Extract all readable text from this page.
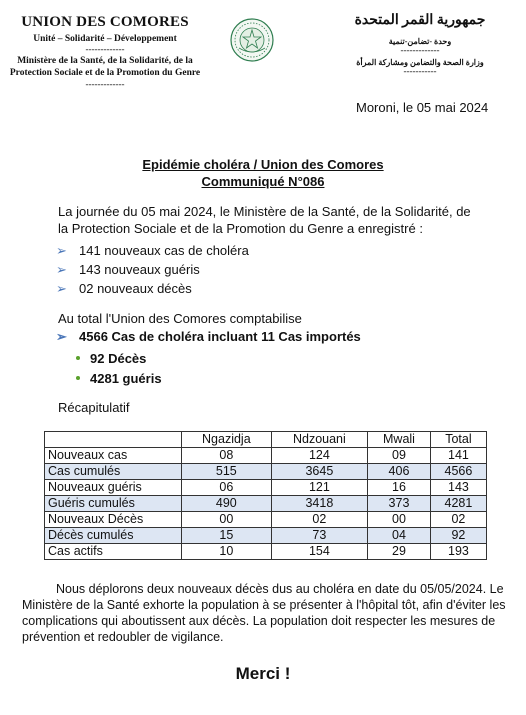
UNION DES COMORES
Unité – Solidarité – Développement
-------------
Ministère de la Santé, de la Solidarité, de la Protection Sociale et de la Promotion du Genre
-------------
جمهورية القمر المتحدة
وحدة -تضامن-تنمية
-------------
وزارة الصحة والتضامن ومشاركة المرأة
-----------
Moroni, le 05 mai 2024
Epidémie choléra / Union des Comores
Communiqué N°086
La journée du 05 mai 2024, le Ministère de la Santé, de la Solidarité, de la Protection Sociale et de la Promotion du Genre a enregistré :
➢ 141 nouveaux cas de choléra
➢ 143 nouveaux guéris
➢ 02 nouveaux décès
Au total l'Union des Comores comptabilise
➢ 4566 Cas de choléra incluant 11 Cas importés
92 Décès
4281 guéris
Récapitulatif
	Ngazidja	Ndzouani	Mwali	Total
Nouveaux cas	08	124	09	141
Cas cumulés	515	3645	406	4566
Nouveaux guéris	06	121	16	143
Guéris cumulés	490	3418	373	4281
Nouveaux Décès	00	02	00	02
Décès cumulés	15	73	04	92
Cas actifs	10	154	29	193
Nous déplorons deux nouveaux décès dus au choléra en date du 05/05/2024. Le Ministère de la Santé exhorte la population à se présenter à l'hôpital tôt, afin d'éviter les complications qui aboutissent aux décès. La population doit respecter les mesures de prévention et redoubler de vigilance.
Merci !
